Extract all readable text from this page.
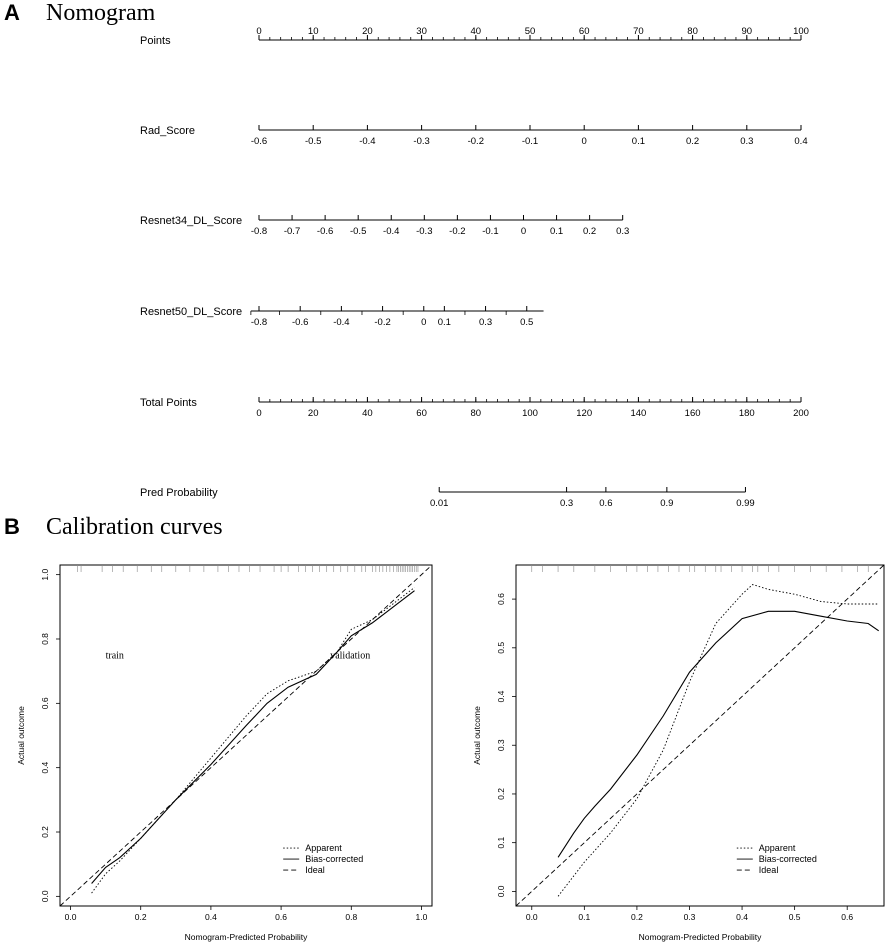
A Nomogram
Points
0	10	20	30	40	50	60	70	80	90	100
Rad_Score
-0.6	-0.5	-0.4	-0.3	-0.2	-0.1	0	0.1	0.2	0.3	0.4
Resnet34_DL_Score
-0.8 -0.7 -0.6 -0.5 -0.4 -0.3 -0.2 -0.1 0	0.1 0.2 0.3
Resnet50_DL_Score
-0.8	-0.6	-0.4	-0.2	0 0.1	0.3	0.5
Total Points
0	20	40	60	80	100	120	140	160	180	200
Pred Probability
0.01	0.3	0.6	0.9	0.99
B Calibration curves
0.0	0.2	0.4	0.6	0.8	1.0
0.0
0.2
0.4
0.6
0.8
1.0
Nomogram-Predicted Probability
Actual outcome
train	validation
Apparent
Bias-corrected
Ideal
0.0	0.1	0.2	0.3	0.4	0.5	0.6
0.0
0.1
0.2
0.3
0.4
0.5
0.6
Nomogram-Predicted Probability
Actual outcome
Apparent
Bias-corrected
Ideal
